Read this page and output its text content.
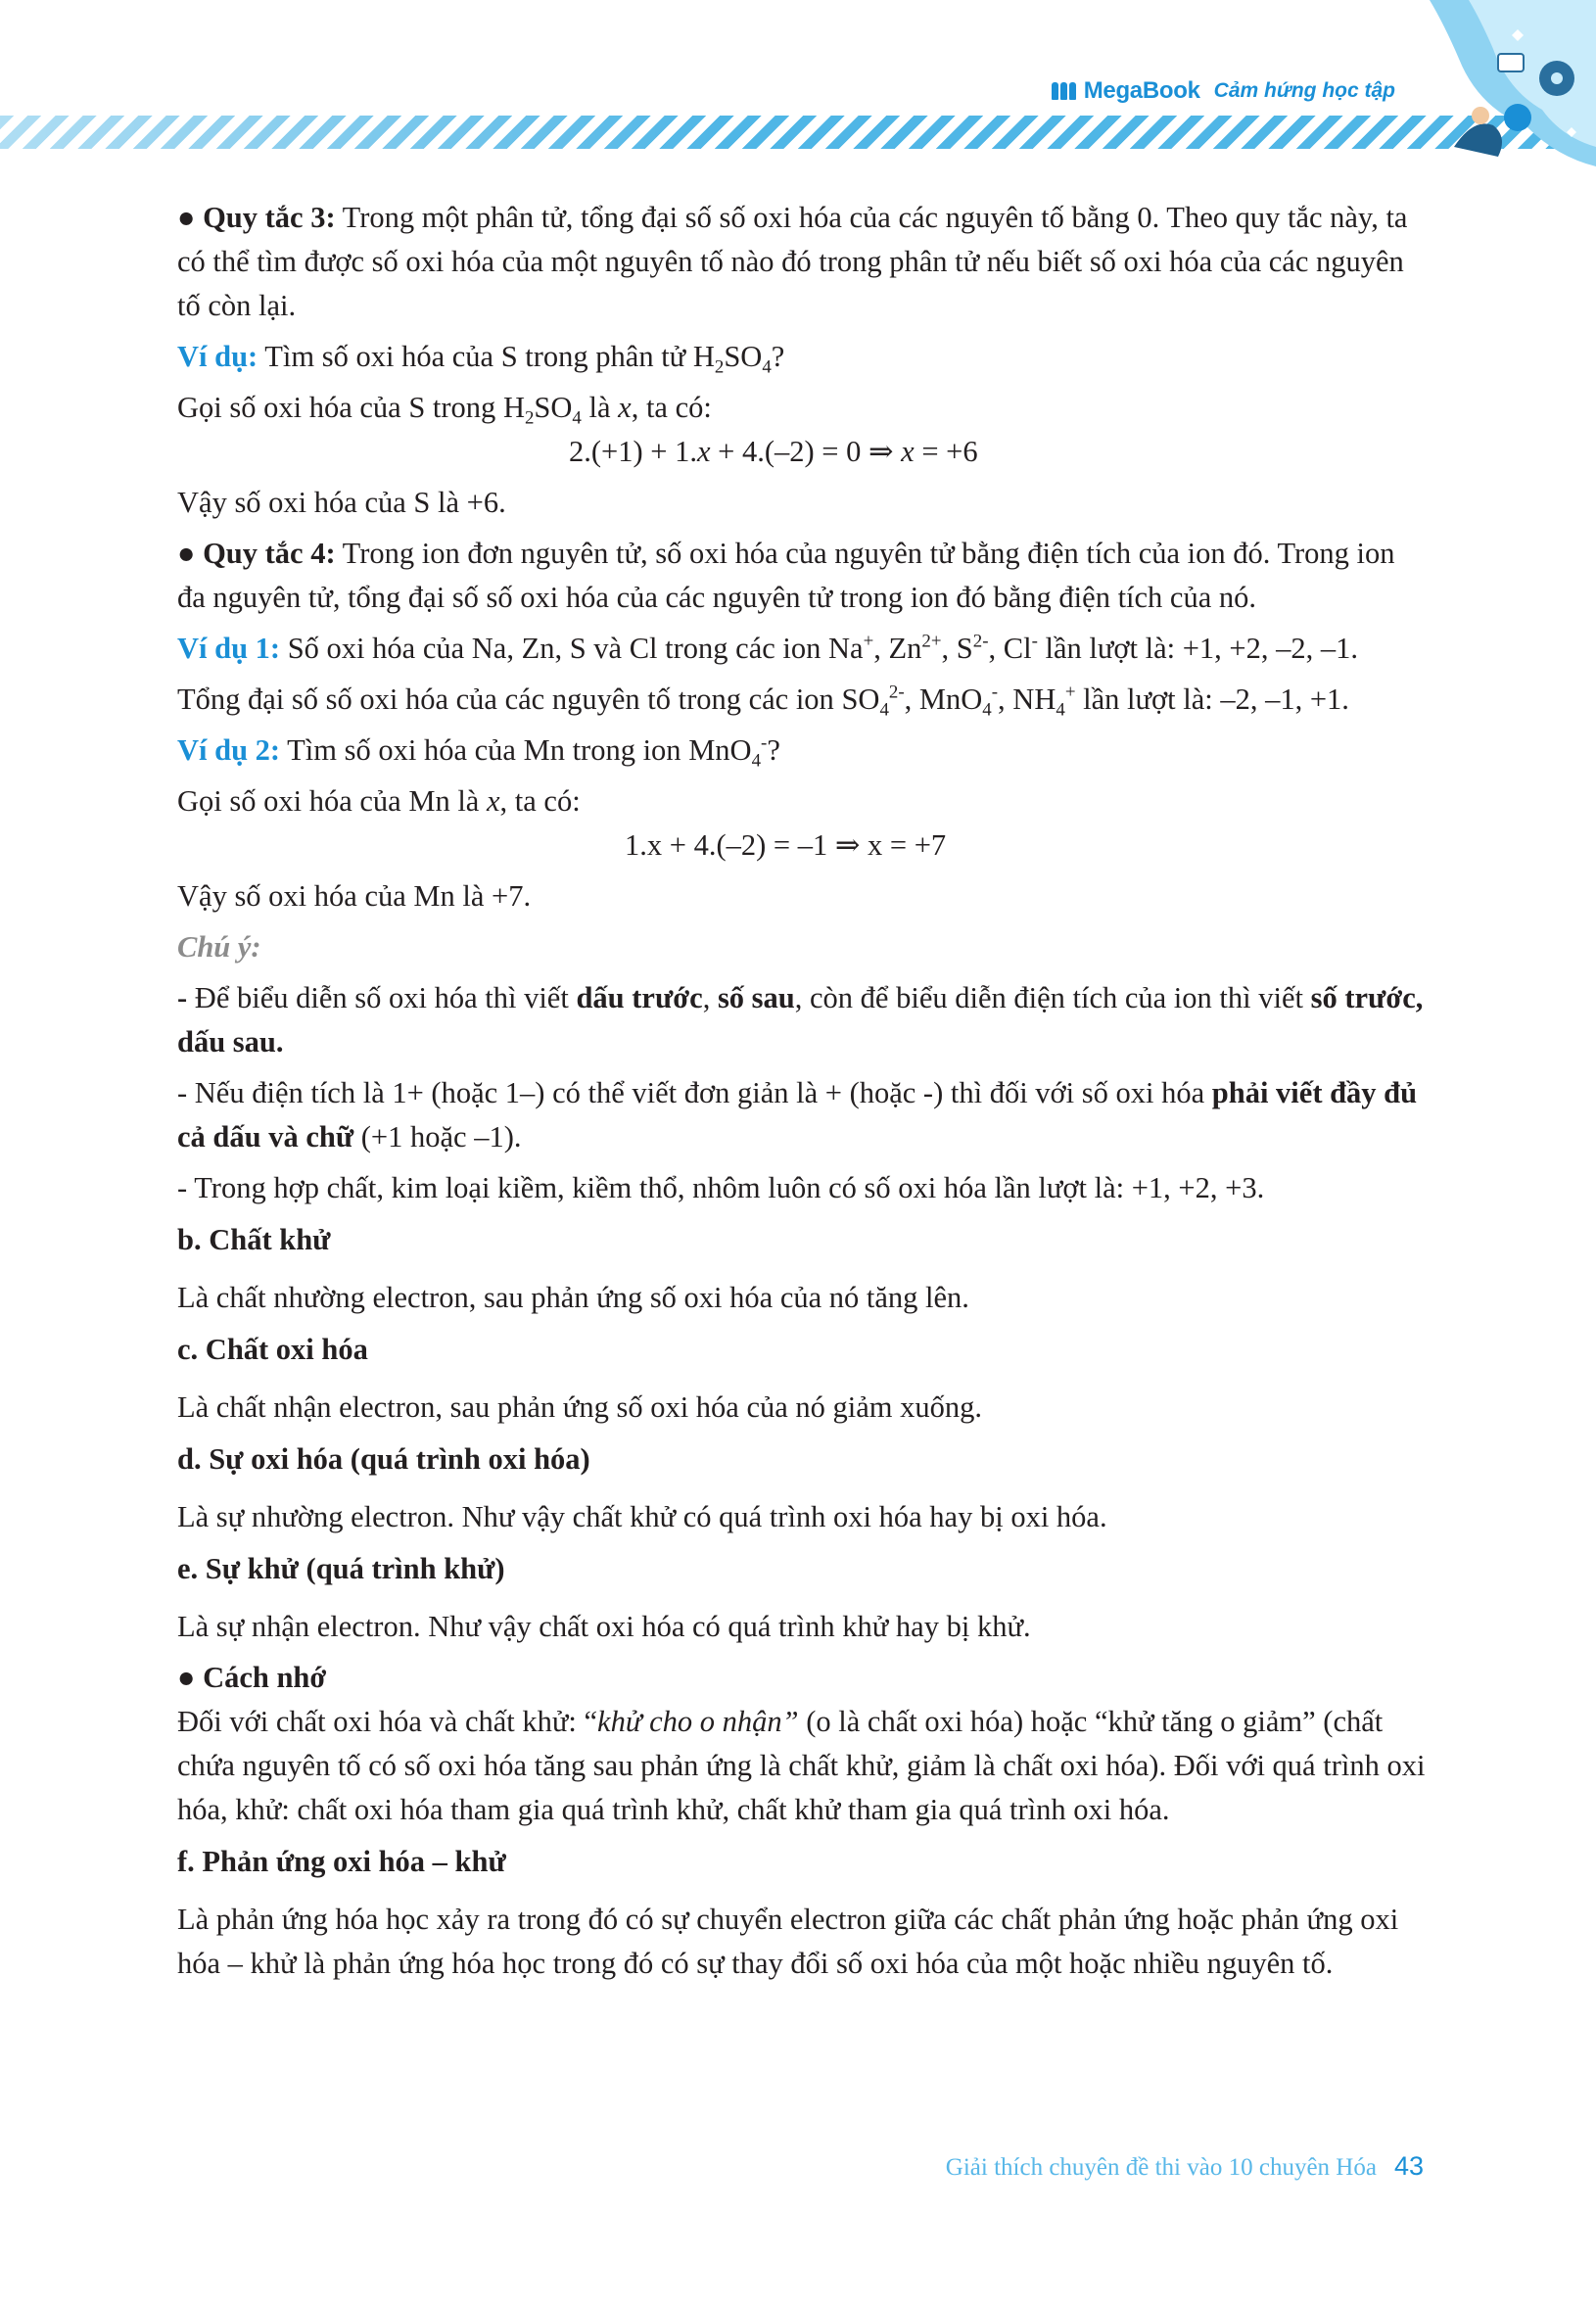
MegaBook Cảm hứng học tập

● Quy tắc 3: Trong một phân tử, tổng đại số số oxi hóa của các nguyên tố bằng 0. Theo quy tắc này, ta có thể tìm được số oxi hóa của một nguyên tố nào đó trong phân tử nếu biết số oxi hóa của các nguyên tố còn lại.

Ví dụ: Tìm số oxi hóa của S trong phân tử $H_2SO_4$?

Gọi số oxi hóa của S trong $H_2SO_4$ là x, ta có:

2.(+1) + 1.x + 4.(–2) = 0 ⇒ x = +6

Vậy số oxi hóa của S là +6.

● Quy tắc 4: Trong ion đơn nguyên tử, số oxi hóa của nguyên tử bằng điện tích của ion đó. Trong ion đa nguyên tử, tổng đại số số oxi hóa của các nguyên tử trong ion đó bằng điện tích của nó.

Ví dụ 1: Số oxi hóa của Na, Zn, S và Cl trong các ion Na+, $Zn^{2+}$, $S^{2-}$, Cl- lần lượt là: +1, +2, –2, –1.

Tổng đại số số oxi hóa của các nguyên tố trong các ion $SO_4^{2-}$, MnO$_4$-, $NH_4^+$ lần lượt là: –2, –1, +1.

Ví dụ 2: Tìm số oxi hóa của Mn trong ion MnO$_4$-?

Gọi số oxi hóa của Mn là x, ta có:

1.x + 4.(–2) = –1 ⇒ x = +7

Vậy số oxi hóa của Mn là +7.

Chú ý:

- Để biểu diễn số oxi hóa thì viết dấu trước, số sau, còn để biểu diễn điện tích của ion thì viết số trước, dấu sau.

- Nếu điện tích là 1+ (hoặc 1–) có thể viết đơn giản là + (hoặc -) thì đối với số oxi hóa phải viết đầy đủ cả dấu và chữ (+1 hoặc –1).

- Trong hợp chất, kim loại kiềm, kiềm thổ, nhôm luôn có số oxi hóa lần lượt là: +1, +2, +3.

b. Chất khử

Là chất nhường electron, sau phản ứng số oxi hóa của nó tăng lên.

c. Chất oxi hóa

Là chất nhận electron, sau phản ứng số oxi hóa của nó giảm xuống.

d. Sự oxi hóa (quá trình oxi hóa)

Là sự nhường electron. Như vậy chất khử có quá trình oxi hóa hay bị oxi hóa.

e. Sự khử (quá trình khử)

Là sự nhận electron. Như vậy chất oxi hóa có quá trình khử hay bị khử.

● Cách nhớ

Đối với chất oxi hóa và chất khử: “khử cho o nhận” (o là chất oxi hóa) hoặc “khử tăng o giảm” (chất chứa nguyên tố có số oxi hóa tăng sau phản ứng là chất khử, giảm là chất oxi hóa). Đối với quá trình oxi hóa, khử: chất oxi hóa tham gia quá trình khử, chất khử tham gia quá trình oxi hóa.

f. Phản ứng oxi hóa – khử

Là phản ứng hóa học xảy ra trong đó có sự chuyển electron giữa các chất phản ứng hoặc phản ứng oxi hóa – khử là phản ứng hóa học trong đó có sự thay đổi số oxi hóa của một hoặc nhiều nguyên tố.

Giải thích chuyên đề thi vào 10 chuyên Hóa 43
